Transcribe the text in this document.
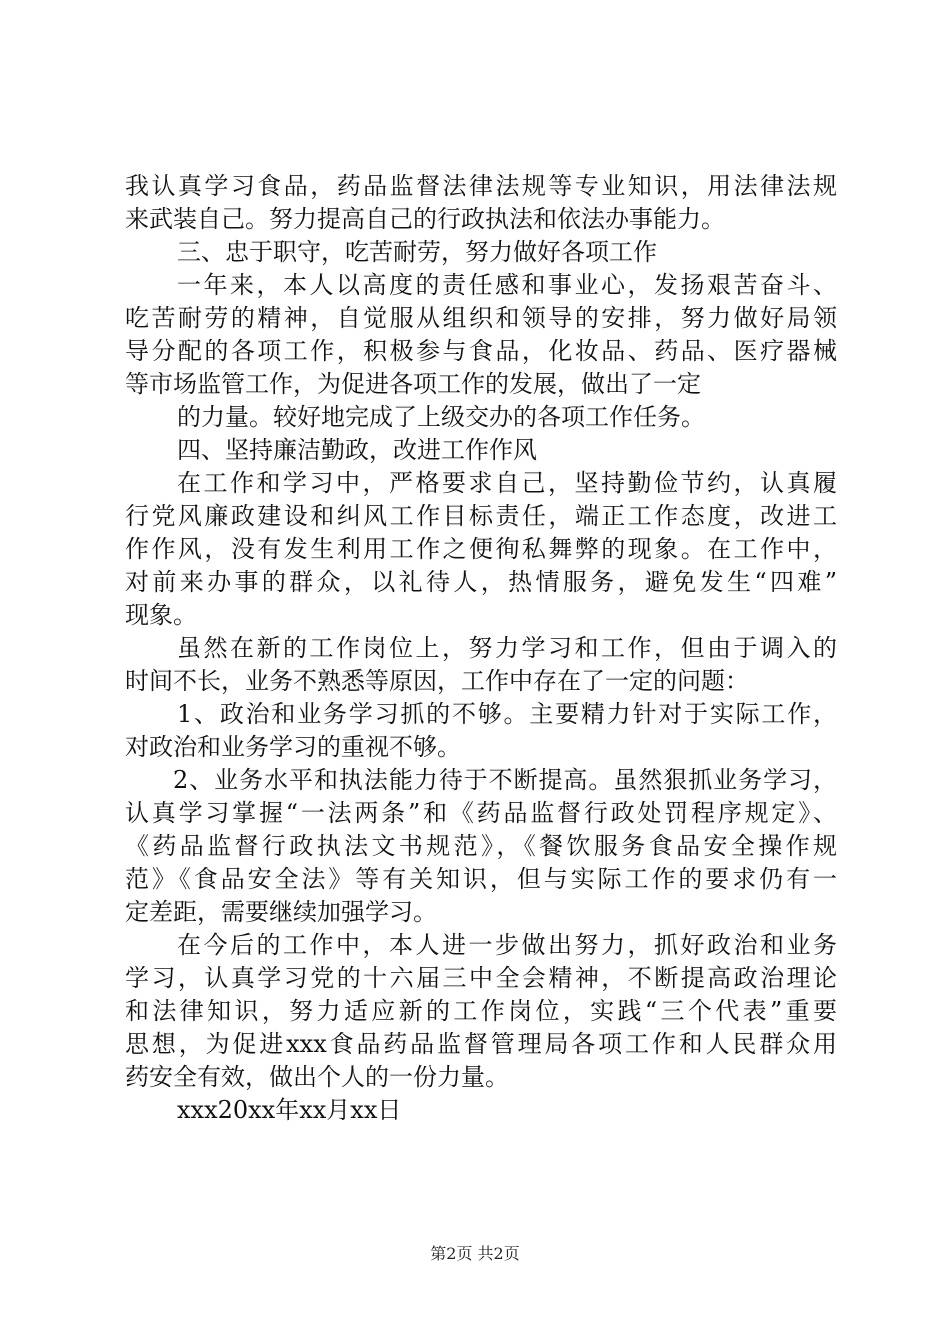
我认真学习食品，药品监督法律法规等专业知识，用法律法规
来武装自己。努力提高自己的行政执法和依法办事能力。
三、忠于职守，吃苦耐劳，努力做好各项工作
一年来，本人以高度的责任感和事业心，发扬艰苦奋斗、
吃苦耐劳的精神，自觉服从组织和领导的安排，努力做好局领
导分配的各项工作，积极参与食品，化妆品、药品、医疗器械
等市场监管工作，为促进各项工作的发展，做出了一定
的力量。较好地完成了上级交办的各项工作任务。
四、坚持廉洁勤政，改进工作作风
在工作和学习中，严格要求自己，坚持勤俭节约，认真履
行党风廉政建设和纠风工作目标责任，端正工作态度，改进工
作作风，没有发生利用工作之便徇私舞弊的现象。在工作中，
对前来办事的群众，以礼待人，热情服务，避免发生“四难”
现象。
虽然在新的工作岗位上，努力学习和工作，但由于调入的
时间不长，业务不熟悉等原因，工作中存在了一定的问题：
1、政治和业务学习抓的不够。主要精力针对于实际工作，
对政治和业务学习的重视不够。
2、业务水平和执法能力待于不断提高。虽然狠抓业务学习，
认真学习掌握“一法两条”和《药品监督行政处罚程序规定》、
《药品监督行政执法文书规范》，《餐饮服务食品安全操作规
范》《食品安全法》等有关知识，但与实际工作的要求仍有一
定差距，需要继续加强学习。
在今后的工作中，本人进一步做出努力，抓好政治和业务
学习，认真学习党的十六届三中全会精神，不断提高政治理论
和法律知识，努力适应新的工作岗位，实践“三个代表”重要
思想，为促进xxx食品药品监督管理局各项工作和人民群众用
药安全有效，做出个人的一份力量。
xxx20xx年xx月xx日
第2页 共2页
